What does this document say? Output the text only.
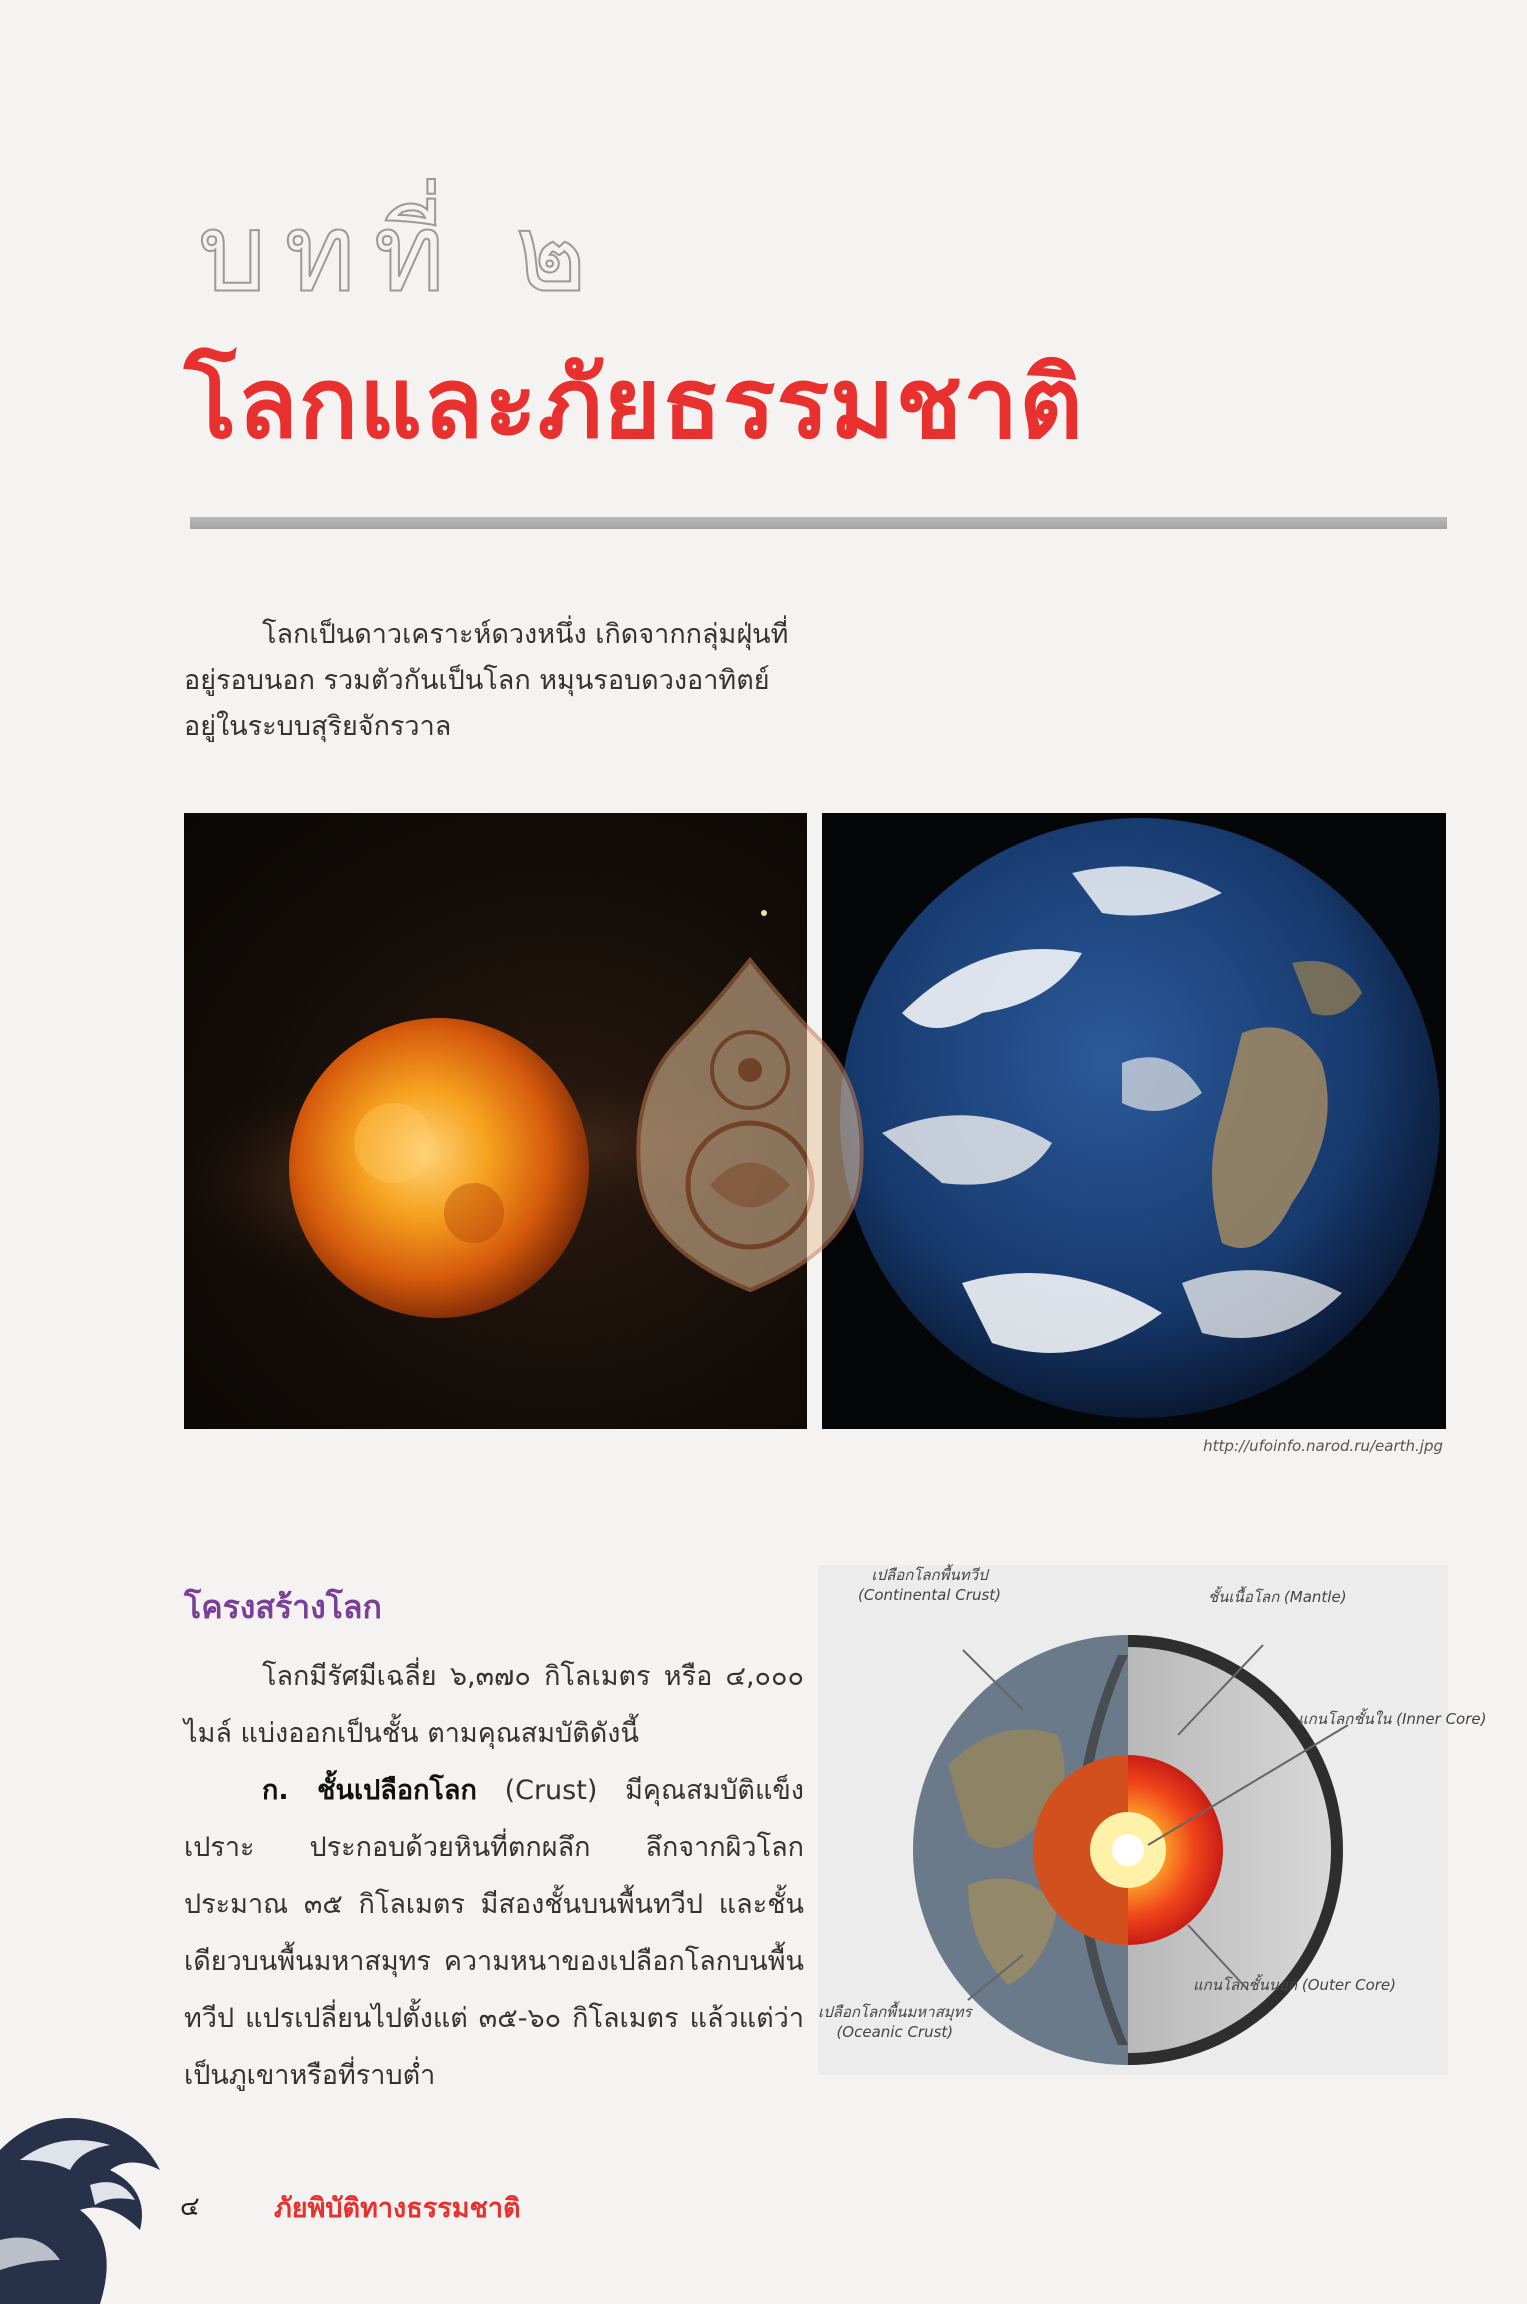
บทที่ ๒
โลกและภัยธรรมชาติ

โลกเป็นดาวเคราะห์ดวงหนึ่ง เกิดจากกลุ่มฝุ่นที่อยู่รอบนอก รวมตัวกันเป็นโลก หมุนรอบดวงอาทิตย์ อยู่ในระบบสุริยจักรวาล

http://ufoinfo.narod.ru/earth.jpg
โครงสร้างโลก

โลกมีรัศมีเฉลี่ย ๖,๓๗๐ กิโลเมตร หรือ ๔,๐๐๐ ไมล์ แบ่งออกเป็นชั้น ตามคุณสมบัติดังนี้

ก. ชั้นเปลือกโลก (Crust) มีคุณสมบัติแข็งเปราะ ประกอบด้วยหินที่ตกผลึก ลึกจากผิวโลกประมาณ ๓๕ กิโลเมตร มีสองชั้นบนพื้นทวีป และชั้นเดียวบนพื้นมหาสมุทร ความหนาของเปลือกโลกบนพื้นทวีป แปรเปลี่ยนไปตั้งแต่ ๓๕-๖๐ กิโลเมตร แล้วแต่ว่าเป็นภูเขาหรือที่ราบต่ำ

เปลือกโลกพื้นทวีป
(Continental Crust)	ชั้นเนื้อโลก (Mantle)
แกนโลกชั้นใน (Inner Core)
เปลือกโลกพื้นมหาสมุทร
(Oceanic Crust)
แกนโลกชั้นนอก (Outer Core)
๔	ภัยพิบัติทางธรรมชาติ
